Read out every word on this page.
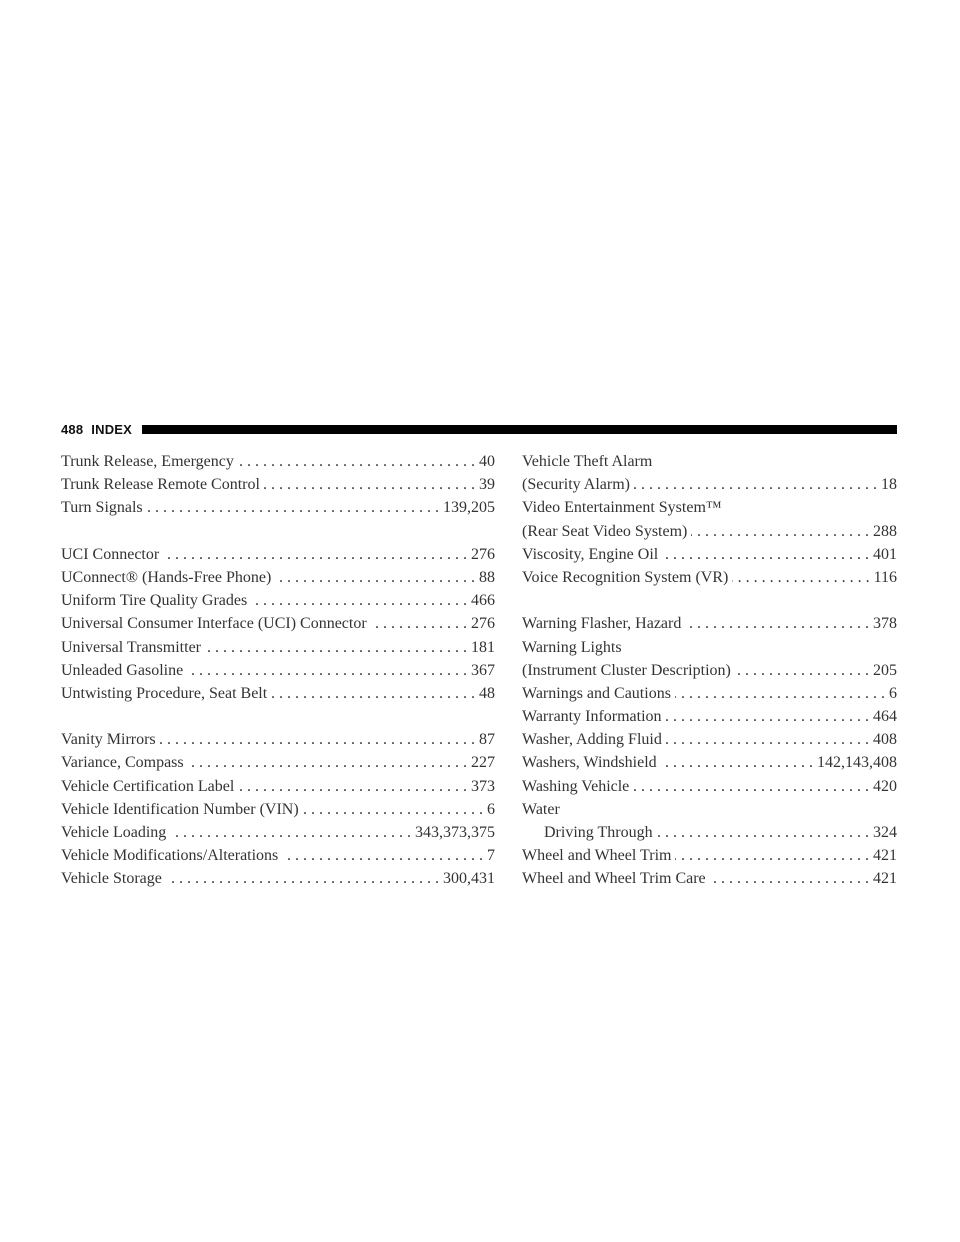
488 INDEX
Trunk Release, Emergency . . .	40
Trunk Release Remote Control . . .	39
Turn Signals . . .	139,205
UCI Connector . . .	276
UConnect® (Hands-Free Phone) . . .	88
Uniform Tire Quality Grades . . .	466
Universal Consumer Interface (UCI) Connector . . .	276
Universal Transmitter . . .	181
Unleaded Gasoline . . .	367
Untwisting Procedure, Seat Belt . . .	48
Vanity Mirrors . . .	87
Variance, Compass . . .	227
Vehicle Certification Label . . .	373
Vehicle Identification Number (VIN) . . .	6
Vehicle Loading . . .	343,373,375
Vehicle Modifications/Alterations . . .	7
Vehicle Storage . . .	300,431
Vehicle Theft Alarm
(Security Alarm) . . .	18
Video Entertainment System™
(Rear Seat Video System) . . .	288
Viscosity, Engine Oil . . .	401
Voice Recognition System (VR) . . .	116
Warning Flasher, Hazard . . .	378
Warning Lights
(Instrument Cluster Description) . . .	205
Warnings and Cautions . . .	6
Warranty Information . . .	464
Washer, Adding Fluid . . .	408
Washers, Windshield . . .	142,143,408
Washing Vehicle . . .	420
Water
Driving Through . . .	324
Wheel and Wheel Trim . . .	421
Wheel and Wheel Trim Care . . .	421
